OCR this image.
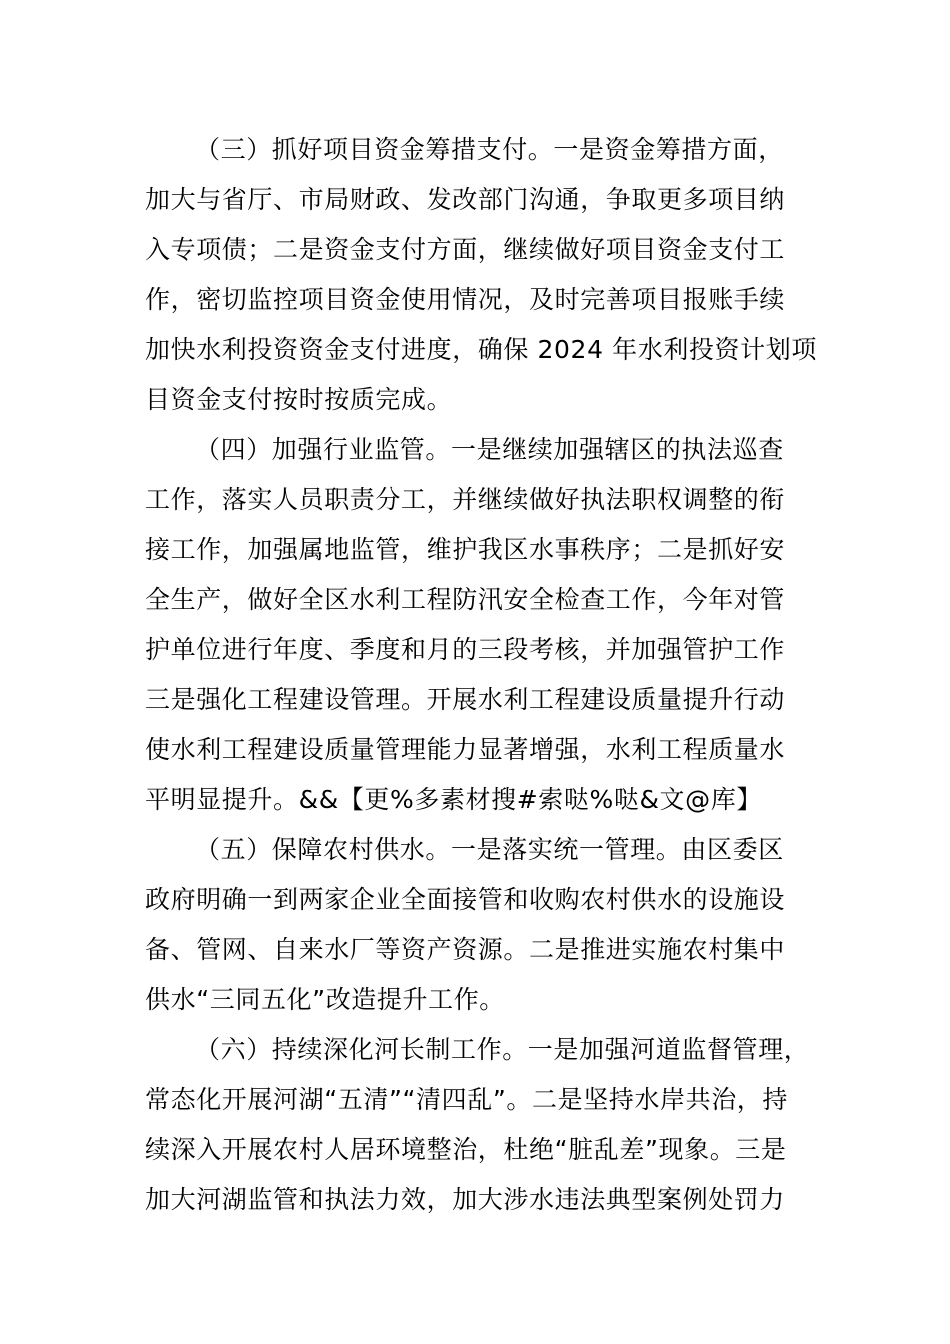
（三）抓好项目资金筹措支付。一是资金筹措方面，
加大与省厅、市局财政、发改部门沟通，争取更多项目纳
入专项债；二是资金支付方面，继续做好项目资金支付工
作，密切监控项目资金使用情况，及时完善项目报账手续
加快水利投资资金支付进度，确保 2024 年水利投资计划项
目资金支付按时按质完成。
（四）加强行业监管。一是继续加强辖区的执法巡查
工作，落实人员职责分工，并继续做好执法职权调整的衔
接工作，加强属地监管，维护我区水事秩序；二是抓好安
全生产，做好全区水利工程防汛安全检查工作，今年对管
护单位进行年度、季度和月的三段考核，并加强管护工作
三是强化工程建设管理。开展水利工程建设质量提升行动
使水利工程建设质量管理能力显著增强，水利工程质量水
平明显提升。&&【更%多素材搜#索哒%哒&文@库】
（五）保障农村供水。一是落实统一管理。由区委区
政府明确一到两家企业全面接管和收购农村供水的设施设
备、管网、自来水厂等资产资源。二是推进实施农村集中
供水“三同五化”改造提升工作。
（六）持续深化河长制工作。一是加强河道监督管理，
常态化开展河湖“五清”“清四乱”。二是坚持水岸共治，持
续深入开展农村人居环境整治，杜绝“脏乱差”现象。三是
加大河湖监管和执法力效，加大涉水违法典型案例处罚力
